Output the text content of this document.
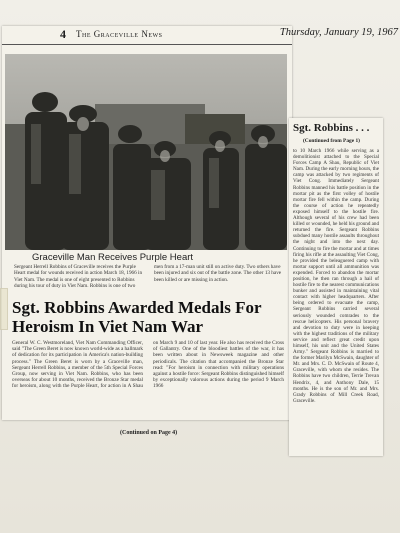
4 The Graceville News	Thursday, January 19, 1967
Graceville Man Receives Purple Heart
Sergeant Herrell Robbins of Graceville receives the Purple Heart medal for wounds received in action March 18, 1966 in Viet Nam. The medal is one of eight presented to Robbins during his tour of duty in Viet Nam. Robbins is one of two men from a 17-man unit still on active duty. Two others have been injured and six out of the battle zone. The other 13 have been killed or are missing in action.
Sgt. Robbins Awarded Medals For Heroism In Viet Nam War
General W. C. Westmoreland, Viet Nam Commanding Officer, said "The Green Beret is now known world-wide as a hallmark of dedication for its participation in America's nation-building process." The Green Beret is worn by a Graceville man, Sergeant Herrell Robbins, a member of the 5th Special Forces Group, now serving in Viet Nam. Robbins, who has been overseas for about 10 months, received the Bronze Star medal for heroism, along with the Purple Heart, for action in A Shau on March 9 and 10 of last year. He also has received the Cross of Gallantry. One of the bloodiest battles of the war, it has been written about in Newsweek magazine and other periodicals. The citation that accompanied the Bronze Star read: "For heroism in connection with military operations against a hostile force: Sergeant Robbins distinguished himself by exceptionally valorous actions during the period 9 March 1966
(Continued on Page 4)
Sgt. Robbins . . .
(Continued from Page 1)
to 10 March 1966 while serving as a demolitionist attached to the Special Forces Camp A Shau, Republic of Viet Nam. During the early morning hours, the camp was attacked by two regiments of Viet Cong. Immediately Sergeant Robbins manned his battle position in the mortar pit as the first volley of hostile mortar fire fell within the camp. During the course of action he repeatedly exposed himself to the hostile fire. Although several of his crew had been killed or wounded, he held his ground and returned the fire. Sergeant Robbins subdued many hostile assaults throughout the night and into the next day. Continuing to fire the mortar and at times firing his rifle at the assaulting Viet Cong, he provided the beleaguered camp with mortar support until all ammunition was expended. Forced to abandon the mortar position, he then ran through a hail of hostile fire to the nearest communications bunker and assisted in maintaining vital contact with higher headquarters. After being ordered to evacuate the camp, Sergeant Robbins carried several seriously wounded comrades to the rescue helicopters. His personal bravery and devotion to duty were in keeping with the highest traditions of the military service and reflect great credit upon himself, his unit and the United States Army." Sergeant Robbins is married to the former Marilyn McSwain, daughter of Mr. and Mrs. C. D. McSwain of Route 4, Graceville, with whom she resides. The Robbins have two children, Terrie Trevan Hendrix, 4, and Anthony Dale, 15 months. He is the son of Mr. and Mrs. Grady Robbins of Mill Creek Road, Graceville.
